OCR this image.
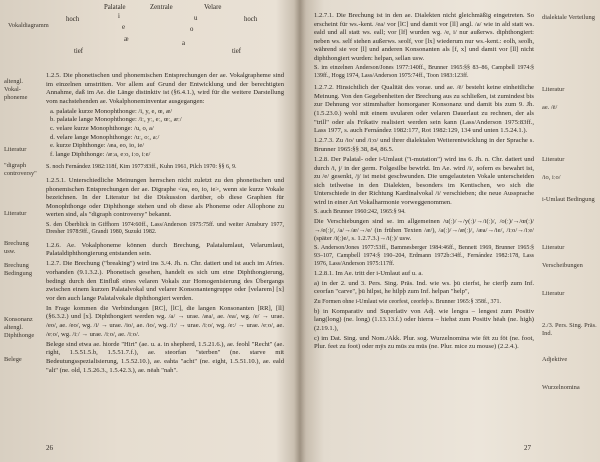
Vokaldiagramm
Palatale	Zentrale	Velare
hoch	i	u	hoch
e	o
æ
a
tief	tief
altengl. Vokal-phoneme
Literatur
"digraph controversy"
Literatur
Brechung usw.
Brechung Bedingung
Konsonanz altengl. Diphthonge
Belege

1.2.5. Die phonetischen und phonemischen Entsprechungen der ae. Vokalgrapheme sind im einzelnen umstritten. Vor allem auf Grund der Entwicklung und der berechtigten Annahme, daß im Ae. die Länge distinktiv ist (§6.4.1.), wird für die weitere Darstellung vom nachstehenden ae. Vokalphoneminventar ausgegangen:

a. palatale kurze Monophthonge: /i, y, e, œ, æ/

b. palatale lange Monophthonge: /iː, yː, eː, œː, æː/

c. velare kurze Monophthonge: /u, o, a/

d. velare lange Monophthonge: /uː, oː, aː/

e. kurze Diphthonge: /æa, eo, io, ie/

f. lange Diphthonge: /æːa, eːo, iːo, iːe/

S. noch Fernández 1982:118f, Kim 1977:83ff., Kuhn 1961, Pilch 1970: §§ 6, 9.

1.2.5.1. Unterschiedliche Meinungen herrschen nicht zuletzt zu den phonetischen und phonemischen Entsprechungen der ae. Digraphe <ea, eo, io, ie>, wenn sie kurze Vokale bezeichnen. In der Literatur ist die Diskussion darüber, ob diese Graphien für Monophthonge oder Diphthonge stehen und ob diese als Phoneme oder Allophone zu werten sind, als "digraph controversy" bekannt.

S. den Überblick in Giffhorn 1974:60ff., Lass/Anderson 1975:75ff. und weiter Amsbury 1977, Dresher 1978:9ff., Grandi 1980, Suzuki 1982.

1.2.6. Ae. Vokalphoneme können durch Brechung, Palatalumlaut, Velarumlaut, Palataldiphthongierung entstanden sein.

1.2.7. Die Brechung ("breaking") wird ins 3./4. Jh. n. Chr. datiert und ist auch im Afries. vorhanden (9.1.3.2.). Phonetisch gesehen, handelt es sich um eine Diphthongierung, bedingt durch den Einfluß eines velaren Vokals zur Homogenisierung des Übergangs zwischen einem kurzen Palatalvokal und velarer Konsonantengruppe oder [velarem] [x] vor den auch lange Palatalvokale diphthongiert werden.

In Frage kommen die Verbindungen [RC], [lC], die langen Konsonanten [RR], [ll] (§6.3.2.) und [x]. Diphthongiert werden wg. /a/ → urae. /æa/, ae. /ea/, wg. /e/ → urae. /eo/, ae. /eo/, wg. /i/ → urae. /io/, ae. /io/, wg. /iː/ → urae. /iːo/, wg. /e:/ → urae. /eːo/, ae. /eːo/, wg. /iː/ → urae. /iːo/, ae. /iːo/.

Belege sind etwa ae. hiorde "Hirt" (ae. u. a. in shepherd, 1.5.21.6.), ae. feohl "Recht" (ae. right, 1.5.51.5.b, 1.5.51.7.f.), ae. steorfan "sterben" (ne. starve mit Bedeutungsspezialisierung, 1.5.52.10.), ae. eahta "acht" (ne. eight, 1.5.51.10.), ae. eald "alt" (ne. old, 1.5.26.3., 1.5.42.3.), ae. nēah "nah".

26

1.2.7.1. Die Brechung ist in den ae. Dialekten nicht gleichmäßig eingetreten. So erscheint für ws.-kent. /ea/ vor [lC] und damit vor [ll] angl. /a/ wie in ald statt ws. eald und all statt ws. eall; vor [lf] wurden wg. /e, i/ nur außerws. diphthongiert: neben ws. self stehen außerws. seolf, vor [lx] wiederum nur ws.-kent.: eolh, seolh, während sie vor [l] und anderen Konsonanten als [f, x] und damit vor [ll] nicht diphthongiert wurden: helpan, sellan usw.

S. im einzelnen Anderson/Jones 1977:140ff., Brunner 1965:§§ 83–86, Campbell 1974:§ 139ff., Hogg 1974, Lass/Anderson 1975:74ff., Toon 1983:123ff.

1.2.7.2. Hinsichtlich der Qualität des vorae. und ae. /ē/ besteht keine einheitliche Meinung. Von den Gegebenheiten der Brechung aus zu schließen, ist zumindest bis zur Dehnung vor stimmhafter homorganer Konsonanz und damit bis zum 9. Jh. (1.5.23.0.) wohl mit einem uvularen oder velaren Dauerlaut zu rechnen, der als "trill" oder als Frikativ realisiert werden sein kann (Lass/Anderson 1975:83ff., Lass 1977, s. auch Fernández 1982:177, Rot 1982:129, 134 und unten 1.5.24.1.).

1.2.7.3. Zu /io/ und /iːo/ und ihrer dialektalen Weiterentwicklung in der Sprache s. Brunner 1965:§§ 38, 84, 86.5.

1.2.8. Der Palatal- oder i-Umlaut ("i-mutation") wird ins 6. Jh. n. Chr. datiert und durch /i, j/ in der germ. Folgesilbe bewirkt. Im Ae. wird /i/, sofern es bewahrt ist, zu /e/ gesenkt, /j/ ist meist geschwunden. Die umgelauteten Vokale unterscheiden sich teilweise in den Dialekten, besonders im Kentischen, wo sich die Unterschiede in der Richtung Kardinalvokal /i/ verschieben; die neue Aussprache wird in einer Art Vokalharmonie vorweggenommen.

S. auch Brunner 1960:242, 1965:§ 94.

Die Verschiebungen sind se. im allgemeinen /u(ː)/→/y(ː)/→/i(ː)/, /o(ː)/→/œ(ː)/→/e(ː)/, /a/→/æ/→/e/ (in frühen Texten /æ/), /a(ː)/→/æ(ː)/, /æa/→/ie/, /iːo/→/iːe/ (später /i(ː)e/, s. 1.2.7.3.)→/i(ː)/ usw.

S. Anderson/Jones 1977:53ff., Bammesberger 1984:46ff., Bennett 1969, Brunner 1965:§ 93–107, Campbell 1974:§ 190–204, Erdmann 1972b:34ff., Fernández 1982:178, Lass 1976, Lass/Anderson 1975:117ff.

1.2.8.1. Im Ae. tritt der i-Umlaut auf u. a.

a) in der 2. und 3. Pers. Sing. Präs. Ind. wie ws. þū cierfst, he cierfþ zum Inf. ceorfan "carve", þū hilpst, he hilpþ zum Inf. helpan "help",

Zu Formen ohne i-Umlaut wie ceorfest, ceorfeþ s. Brunner 1965:§ 358f., 371.

b) in Komparativ und Superlativ von Adj. wie lengra – lengest zum Positiv lang(long) (ne. long) (1.13.13.f.) oder hierra – hiehst zum Positiv hēah (ne. high) (2.19.1.),

c) im Dat. Sing. und Nom./Akk. Plur. sog. Wurzelnomina wie fēt zu fōt (ne. foot, Plur. feet zu foot) oder mȳs zu mūs zu mūs (ne. Plur. mice zu mouse) (2.2.4.).

dialektale Verteilung
Literatur
ae. /ē/
Literatur
/io, iːo/
i-Umlaut Bedingung
Literatur
Verscheibungen
Literatur
2./3. Pers. Sing. Präs. Ind.
Adjektive
Wurzelnomina
27
